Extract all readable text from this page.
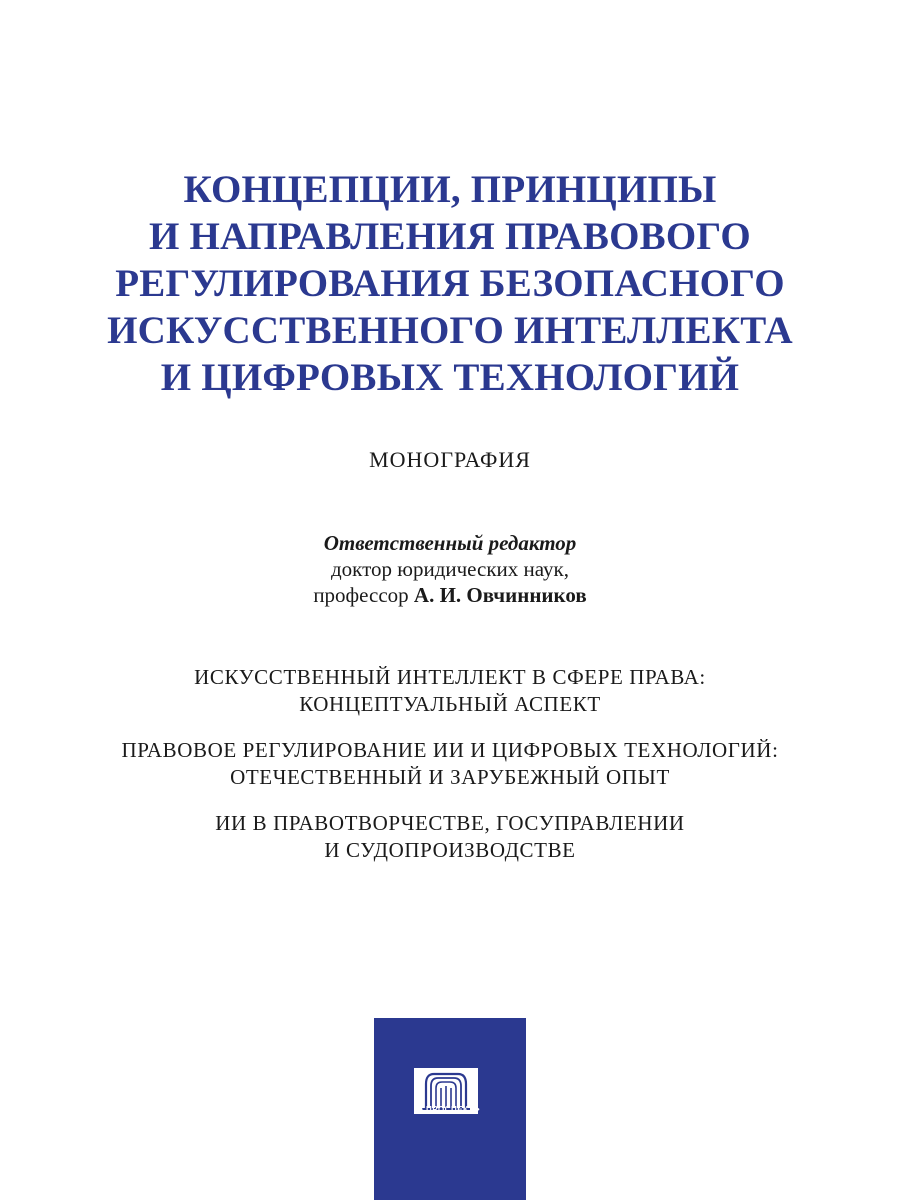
КОНЦЕПЦИИ, ПРИНЦИПЫ
И НАПРАВЛЕНИЯ ПРАВОВОГО
РЕГУЛИРОВАНИЯ БЕЗОПАСНОГО
ИСКУССТВЕННОГО ИНТЕЛЛЕКТА
И ЦИФРОВЫХ ТЕХНОЛОГИЙ
МОНОГРАФИЯ
Ответственный редактор
доктор юридических наук,
профессор А. И. Овчинников
ИСКУССТВЕННЫЙ ИНТЕЛЛЕКТ В СФЕРЕ ПРАВА:
КОНЦЕПТУАЛЬНЫЙ АСПЕКТ
ПРАВОВОЕ РЕГУЛИРОВАНИЕ ИИ И ЦИФРОВЫХ ТЕХНОЛОГИЙ:
ОТЕЧЕСТВЕННЫЙ И ЗАРУБЕЖНЫЙ ОПЫТ
ИИ В ПРАВОТВОРЧЕСТВЕ, ГОСУПРАВЛЕНИИ
И СУДОПРОИЗВОДСТВЕ
• ПРОСПЕКТ •
